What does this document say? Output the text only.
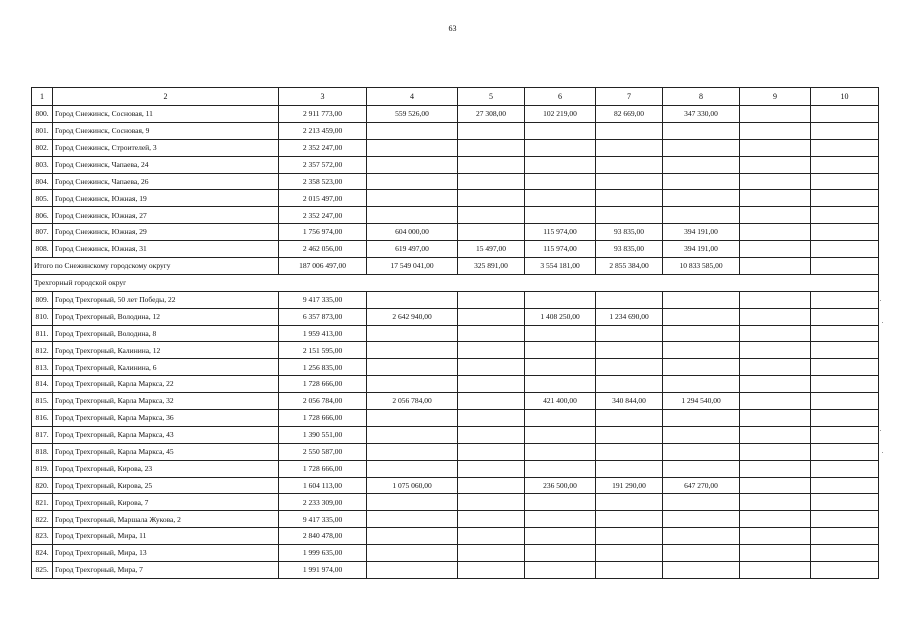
63
1	2	3	4	5	6	7	8	9	10
800.	Город Снежинск, Сосновая, 11	2 911 773,00	559 526,00	27 308,00	102 219,00	82 669,00	347 330,00		
801.	Город Снежинск, Сосновая, 9	2 213 459,00							
802.	Город Снежинск, Строителей, 3	2 352 247,00							
803.	Город Снежинск, Чапаева, 24	2 357 572,00							
804.	Город Снежинск, Чапаева, 26	2 358 523,00							
805.	Город Снежинск, Южная, 19	2 015 497,00							
806.	Город Снежинск, Южная, 27	2 352 247,00							
807.	Город Снежинск, Южная, 29	1 756 974,00	604 000,00		115 974,00	93 835,00	394 191,00		
808.	Город Снежинск, Южная, 31	2 462 056,00	619 497,00	15 497,00	115 974,00	93 835,00	394 191,00		
Итого по Снежинскому городскому округу		187 006 497,00	17 549 041,00	325 891,00	3 554 181,00	2 855 384,00	10 833 585,00		
Трехгорный городской округ									
809.	Город Трехгорный, 50 лет Победы, 22	9 417 335,00							
810.	Город Трехгорный, Володина, 12	6 357 873,00	2 642 940,00		1 408 250,00	1 234 690,00			
811.	Город Трехгорный, Володина, 8	1 959 413,00							
812.	Город Трехгорный, Калинина, 12	2 151 595,00							
813.	Город Трехгорный, Калинина, 6	1 256 835,00							
814.	Город Трехгорный, Карла Маркса, 22	1 728 666,00							
815.	Город Трехгорный, Карла Маркса, 32	2 056 784,00	2 056 784,00		421 400,00	340 844,00	1 294 540,00		
816.	Город Трехгорный, Карла Маркса, 36	1 728 666,00							
817.	Город Трехгорный, Карла Маркса, 43	1 390 551,00							
818.	Город Трехгорный, Карла Маркса, 45	2 550 587,00							
819.	Город Трехгорный, Кирова, 23	1 728 666,00							
820.	Город Трехгорный, Кирова, 25	1 604 113,00	1 075 060,00		236 500,00	191 290,00	647 270,00		
821.	Город Трехгорный, Кирова, 7	2 233 309,00							
822.	Город Трехгорный, Маршала Жукова, 2	9 417 335,00							
823.	Город Трехгорный, Мира, 11	2 840 478,00							
824.	Город Трехгорный, Мира, 13	1 999 635,00							
825.	Город Трехгорный, Мира, 7	1 991 974,00							
